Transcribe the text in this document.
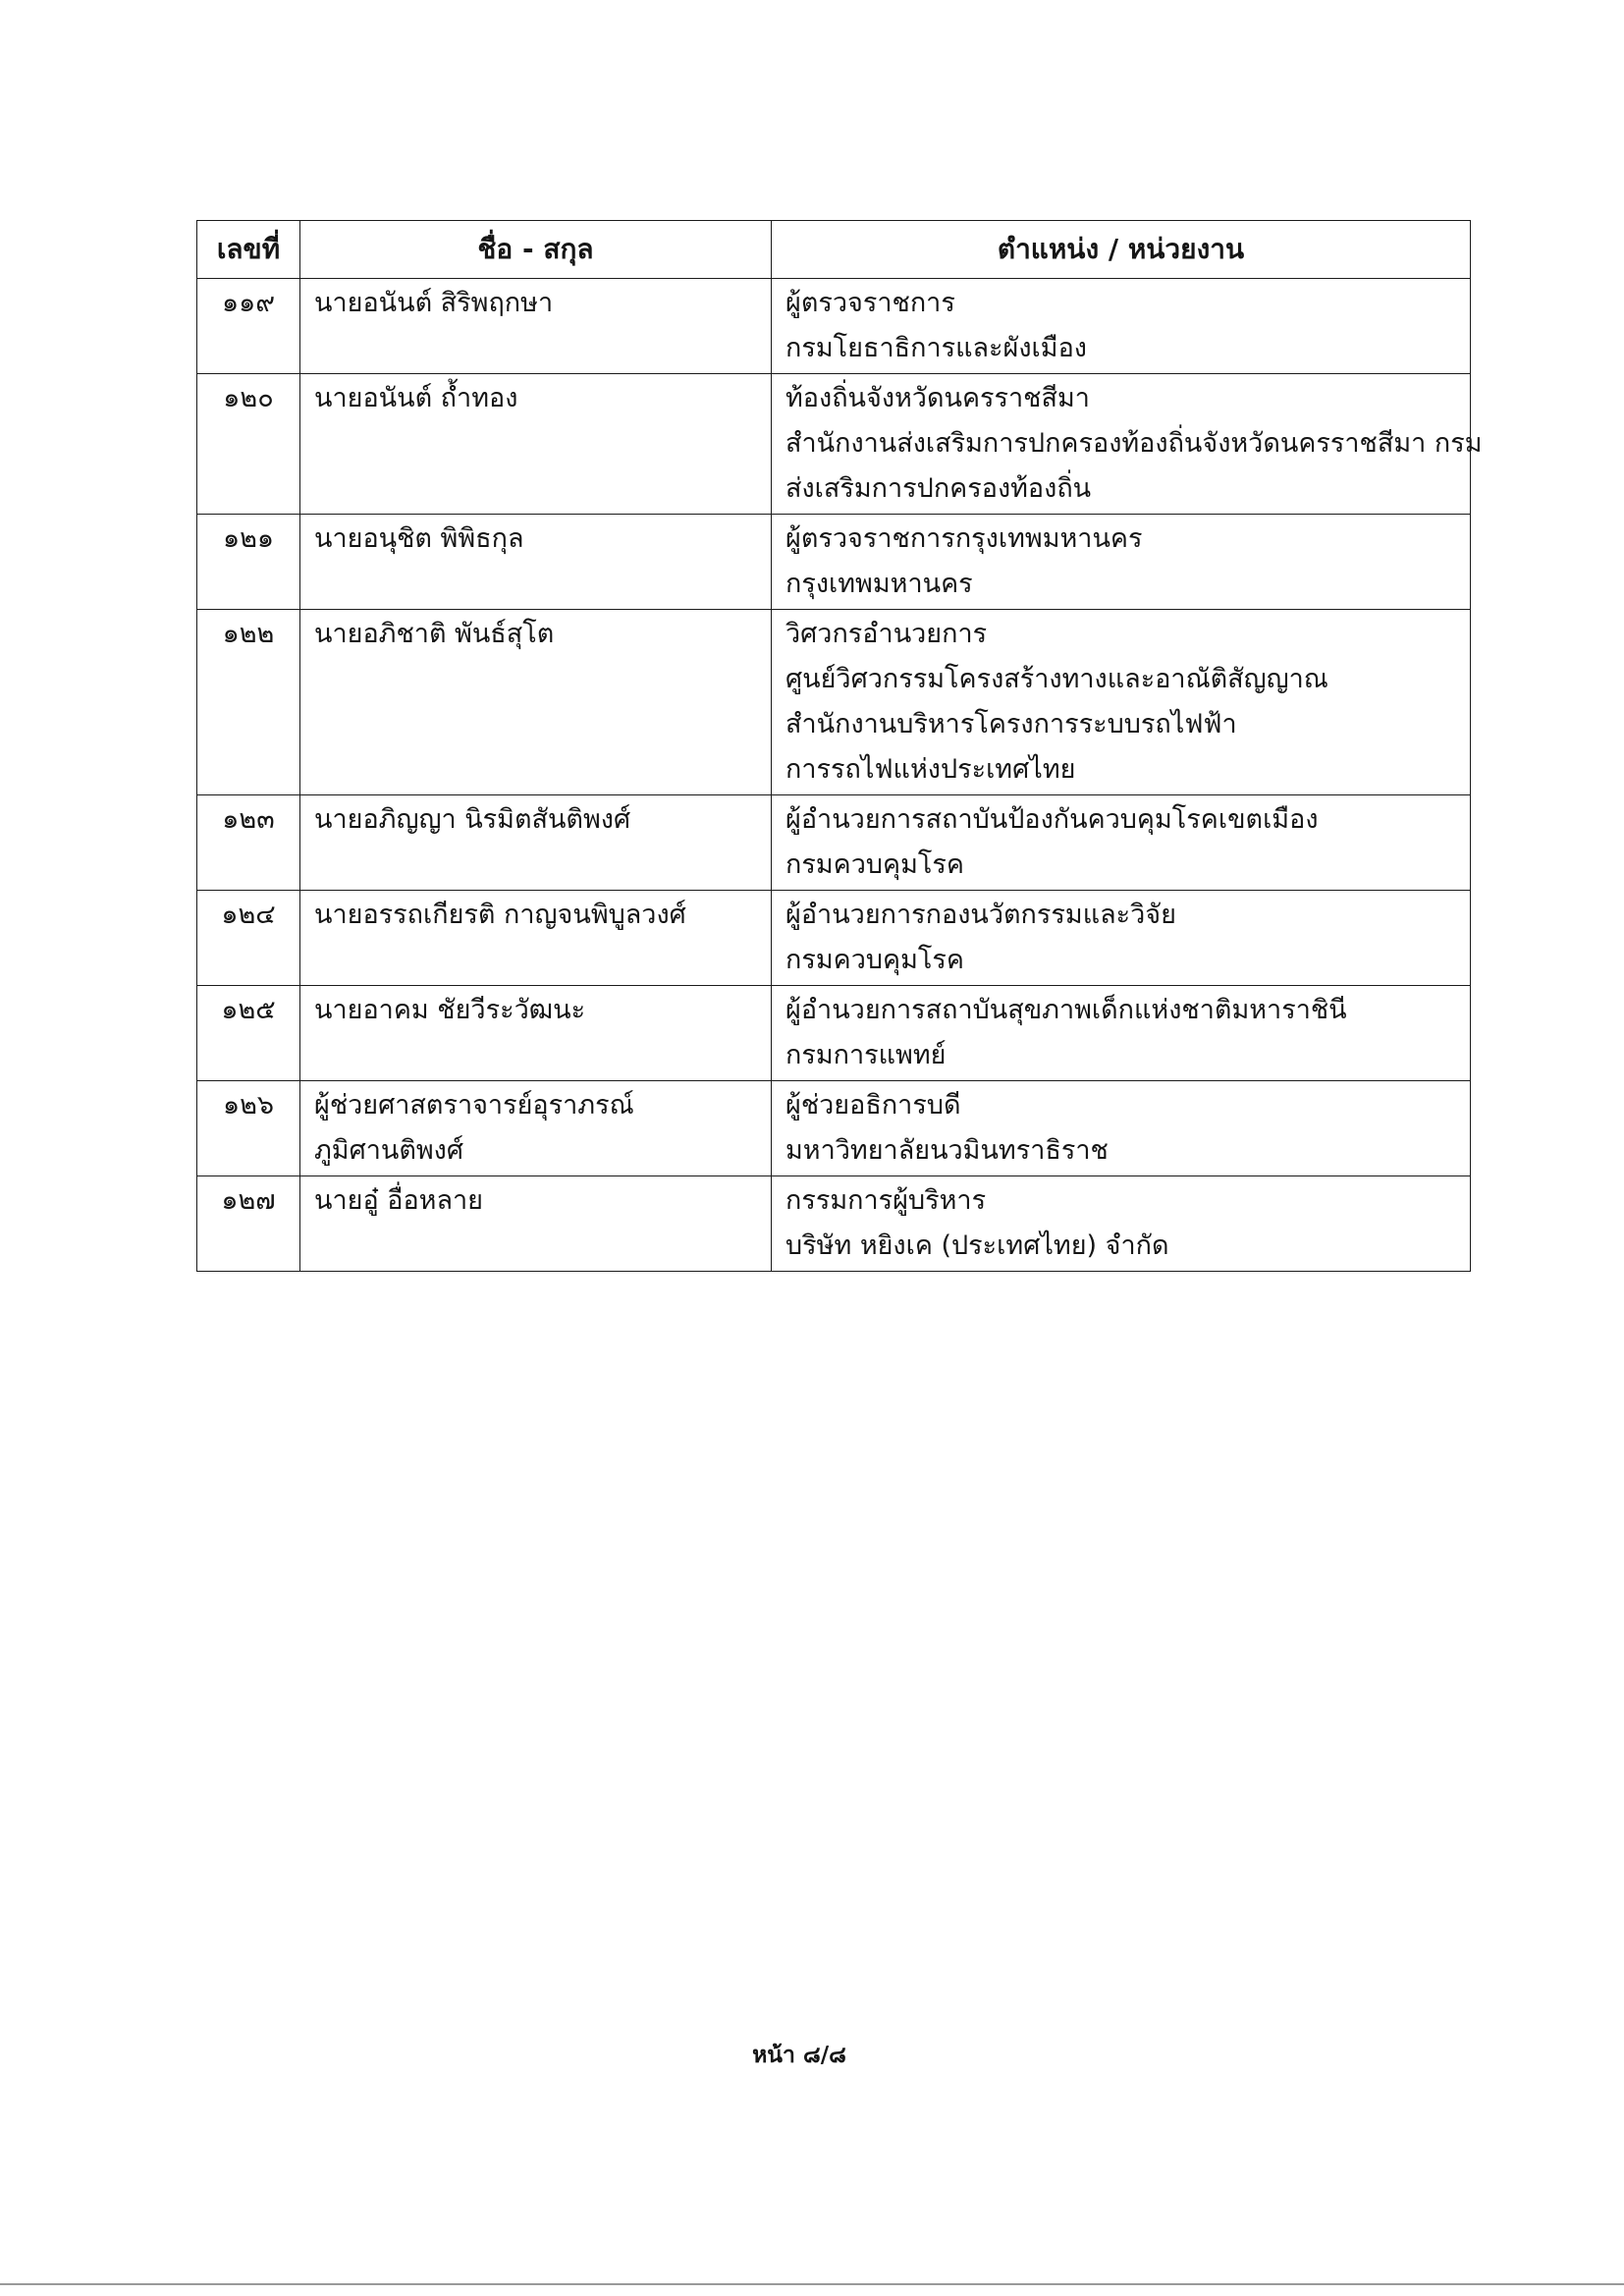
เลขที่	ชื่อ - สกุล	ตำแหน่ง / หน่วยงาน
๑๑๙	นายอนันต์ สิริพฤกษา	ผู้ตรวจราชการ
กรมโยธาธิการและผังเมือง

๑๒๐	นายอนันต์ ถ้ำทอง	ท้องถิ่นจังหวัดนครราชสีมา
สำนักงานส่งเสริมการปกครองท้องถิ่นจังหวัดนครราชสีมา กรม
ส่งเสริมการปกครองท้องถิ่น

๑๒๑	นายอนุชิต พิพิธกุล	ผู้ตรวจราชการกรุงเทพมหานคร
กรุงเทพมหานคร

๑๒๒	นายอภิชาติ พันธ์สุโต	วิศวกรอำนวยการ
ศูนย์วิศวกรรมโครงสร้างทางและอาณัติสัญญาณ
สำนักงานบริหารโครงการระบบรถไฟฟ้า
การรถไฟแห่งประเทศไทย

๑๒๓	นายอภิญญา นิรมิตสันติพงศ์	ผู้อำนวยการสถาบันป้องกันควบคุมโรคเขตเมือง
กรมควบคุมโรค

๑๒๔	นายอรรถเกียรติ กาญจนพิบูลวงศ์	ผู้อำนวยการกองนวัตกรรมและวิจัย
กรมควบคุมโรค

๑๒๕	นายอาคม ชัยวีระวัฒนะ	ผู้อำนวยการสถาบันสุขภาพเด็กแห่งชาติมหาราชินี
กรมการแพทย์

๑๒๖	ผู้ช่วยศาสตราจารย์อุราภรณ์
ภูมิศานติพงศ์	ผู้ช่วยอธิการบดี
มหาวิทยาลัยนวมินทราธิราช

๑๒๗	นายอู๋ อื่อหลาย	กรรมการผู้บริหาร
บริษัท หยิงเค (ประเทศไทย) จำกัด
หน้า ๘/๘
